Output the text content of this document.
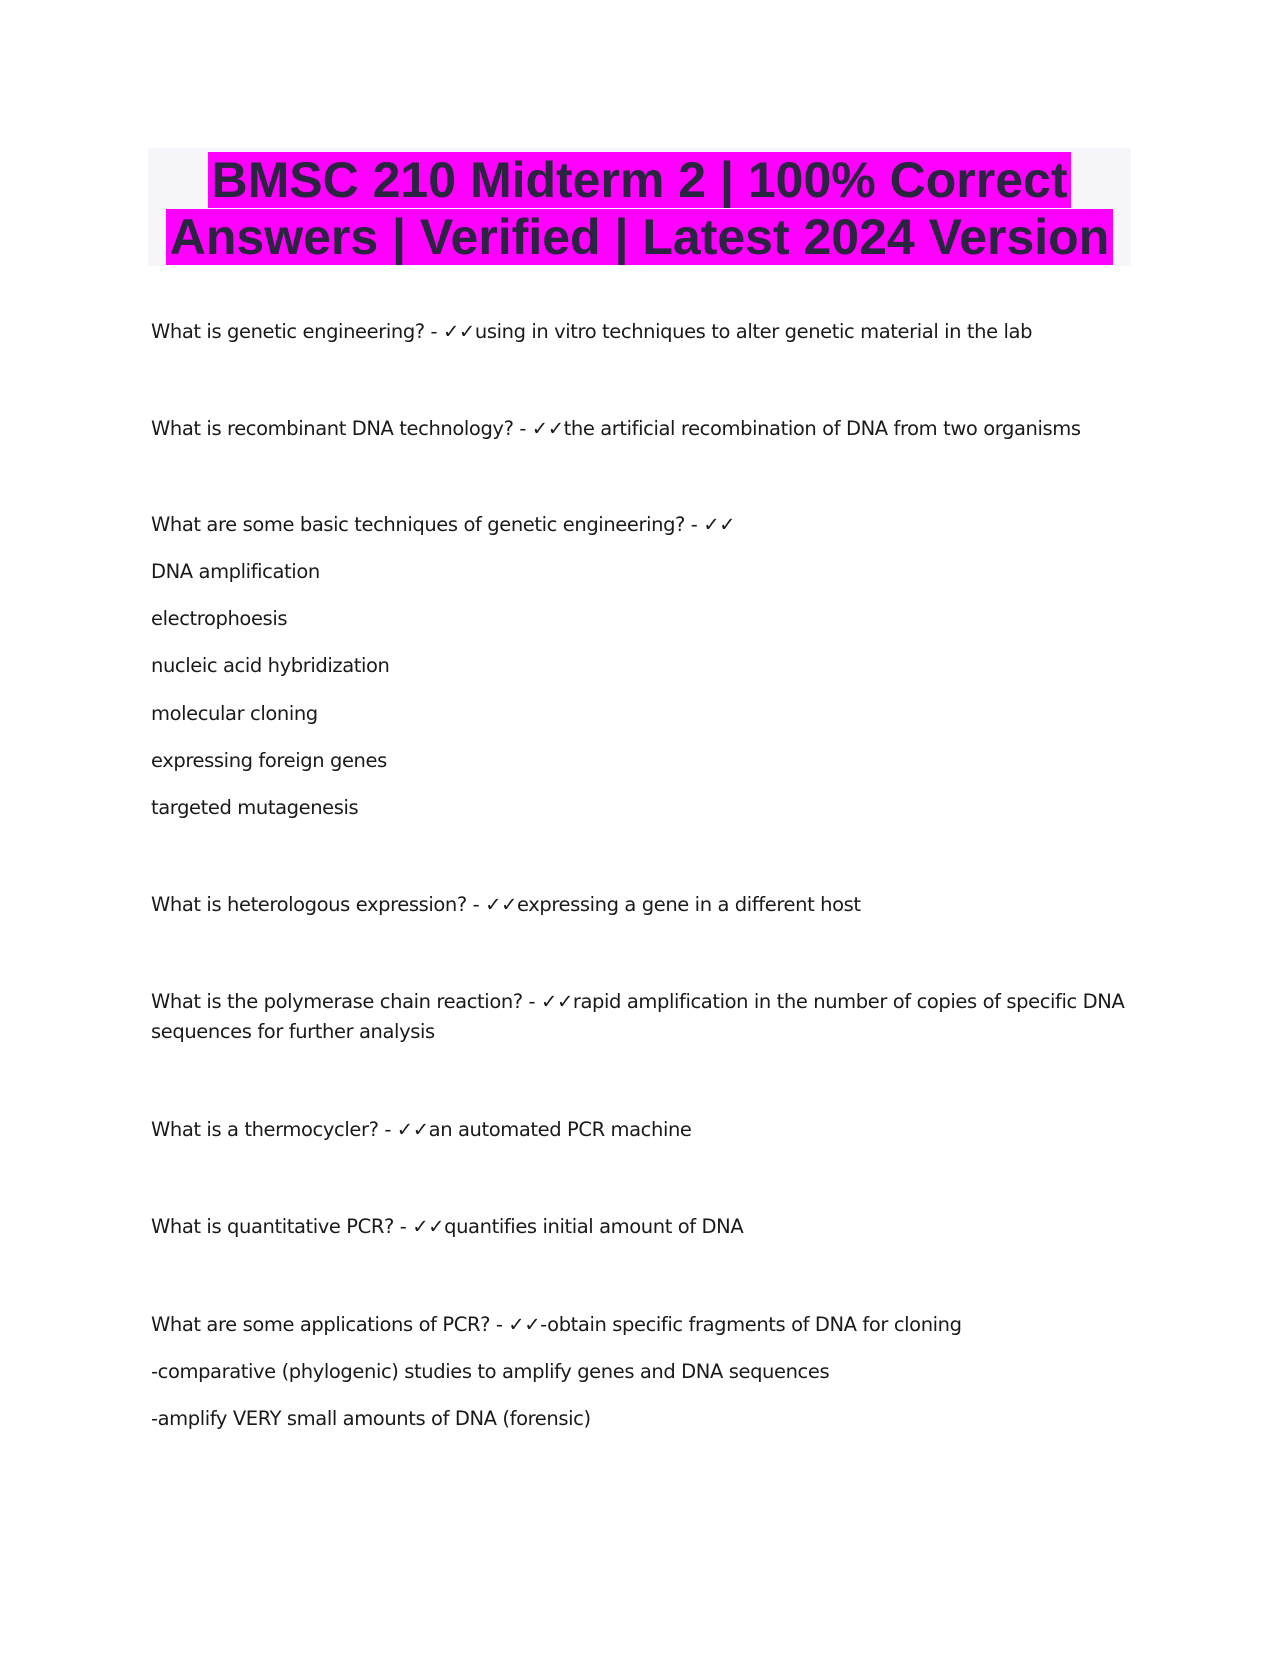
BMSC 210 Midterm 2 | 100% Correct
Answers | Verified | Latest 2024 Version

What is genetic engineering? - ✓✓using in vitro techniques to alter genetic material in the lab

What is recombinant DNA technology? - ✓✓the artificial recombination of DNA from two organisms

What are some basic techniques of genetic engineering? - ✓✓

DNA amplification
electrophoesis
nucleic acid hybridization
molecular cloning
expressing foreign genes
targeted mutagenesis

What is heterologous expression? - ✓✓expressing a gene in a different host

What is the polymerase chain reaction? - ✓✓rapid amplification in the number of copies of specific DNA sequences for further analysis

What is a thermocycler? - ✓✓an automated PCR machine

What is quantitative PCR? - ✓✓quantifies initial amount of DNA

What are some applications of PCR? - ✓✓-obtain specific fragments of DNA for cloning

-comparative (phylogenic) studies to amplify genes and DNA sequences
-amplify VERY small amounts of DNA (forensic)
